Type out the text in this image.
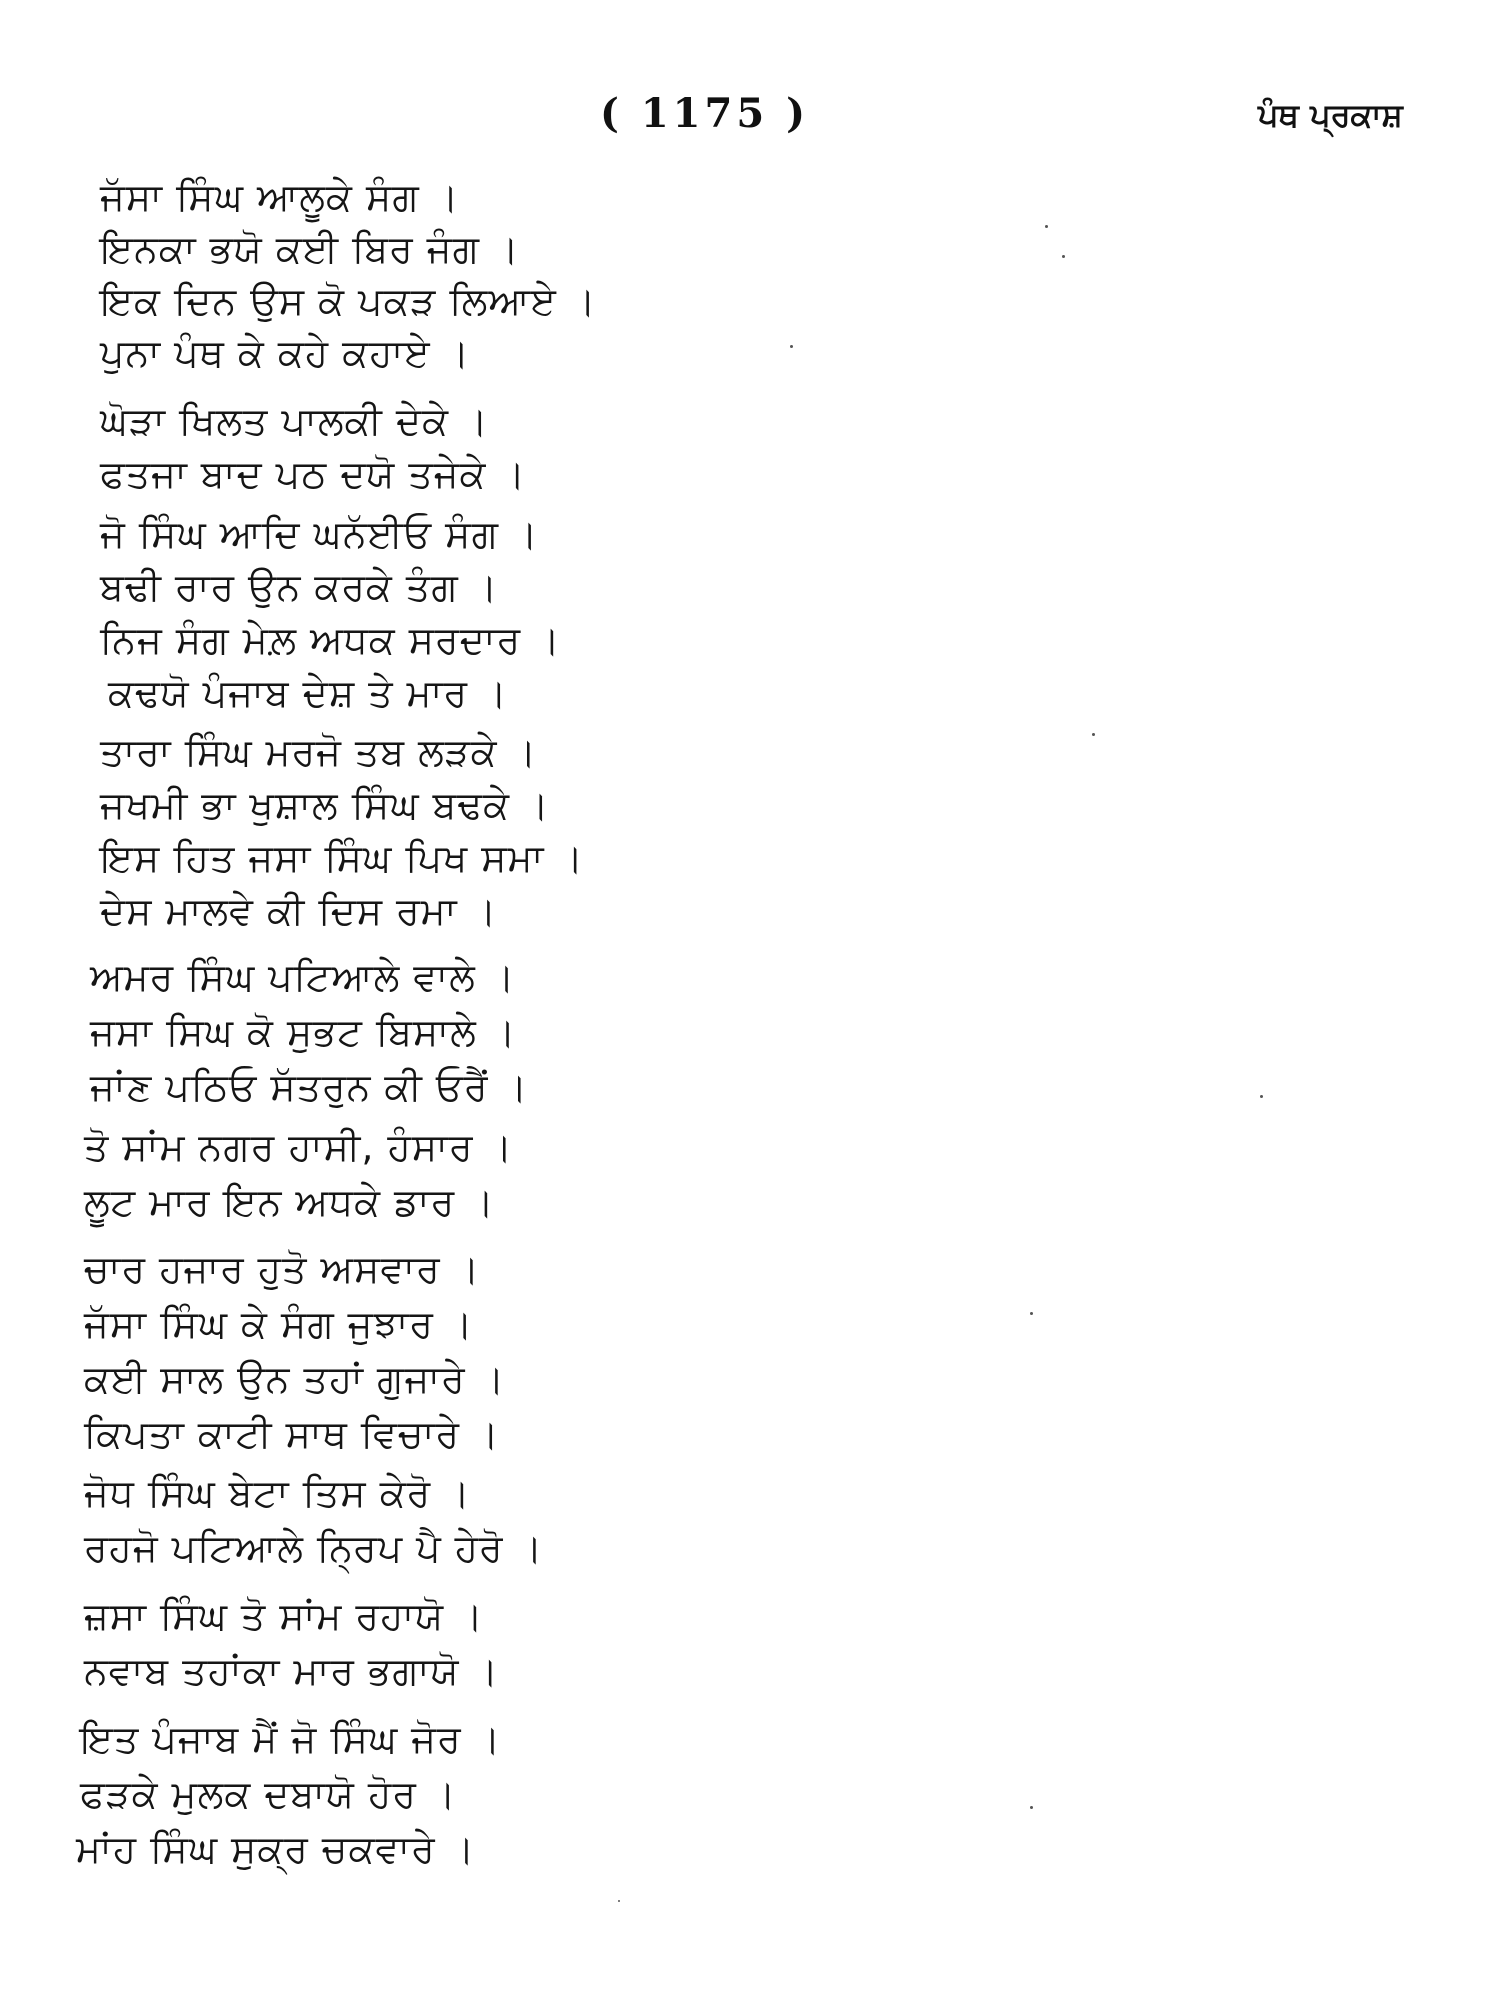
( 1175 )	ਪੰਥ ਪ੍ਰਕਾਸ਼
ਜੱਸਾ ਸਿੰਘ ਆਲੂਕੇ ਸੰਗ ।
ਇਨਕਾ ਭਯੋ ਕਈ ਬਿਰ ਜੰਗ ।
ਇਕ ਦਿਨ ਉਸ ਕੋ ਪਕੜ ਲਿਆਏ ।
ਪੁਨਾ ਪੰਥ ਕੇ ਕਹੇ ਕਹਾਏ ।
ਘੋੜਾ ਖਿਲਤ ਪਾਲਕੀ ਦੇਕੇ ।
ਫਤਜਾ ਬਾਦ ਪਠ ਦਯੋ ਤਜੇਕੇ ।
ਜੋ ਸਿੰਘ ਆਦਿ ਘਨੱਈਓ ਸੰਗ ।
ਬਢੀ ਰਾਰ ਉਨ ਕਰਕੇ ਤੰਗ ।
ਨਿਜ ਸੰਗ ਮੇਲ਼ ਅਧਕ ਸਰਦਾਰ ।
ਕਢਯੋ ਪੰਜਾਬ ਦੇਸ਼ ਤੇ ਮਾਰ ।
ਤਾਰਾ ਸਿੰਘ ਮਰਜੋ ਤਬ ਲੜਕੇ ।
ਜਖਮੀ ਭਾ ਖੁਸ਼ਾਲ ਸਿੰਘ ਬਢਕੇ ।
ਇਸ ਹਿਤ ਜਸਾ ਸਿੰਘ ਪਿਖ ਸਮਾ ।
ਦੇਸ ਮਾਲਵੇ ਕੀ ਦਿਸ ਰਮਾ ।
ਅਮਰ ਸਿੰਘ ਪਟਿਆਲੇ ਵਾਲੇ ।
ਜਸਾ ਸਿਘ ਕੋ ਸੁਭਟ ਬਿਸਾਲੇ ।
ਜਾਂਣ ਪਠਿਓ ਸੱਤਰੁਨ ਕੀ ਓਰੈਂ ।
ਤੋ ਸਾਂਮ ਨਗਰ ਹਾਸੀ, ਹੰਸਾਰ ।
ਲੂਟ ਮਾਰ ਇਨ ਅਧਕੇ ਡਾਰ ।
ਚਾਰ ਹਜਾਰ ਹੁਤੋ ਅਸਵਾਰ ।
ਜੱਸਾ ਸਿੰਘ ਕੇ ਸੰਗ ਜੁਝਾਰ ।
ਕਈ ਸਾਲ ਉਨ ਤਹਾਂ ਗੁਜਾਰੇ ।
ਕਿਪਤਾ ਕਾਟੀ ਸਾਥ ਵਿਚਾਰੇ ।
ਜੋਧ ਸਿੰਘ ਬੇਟਾ ਤਿਸ ਕੇਰੋ ।
ਰਹਜੋ ਪਟਿਆਲੇ ਨ੍ਰਿਪ ਪੈ ਹੇਰੋ ।
ਜ਼ਸਾ ਸਿੰਘ ਤੋ ਸਾਂਮ ਰਹਾਯੋ ।
ਨਵਾਬ ਤਹਾਂਕਾ ਮਾਰ ਭਗਾਯੋ ।
ਇਤ ਪੰਜਾਬ ਮੈਂ ਜੋ ਸਿੰਘ ਜੋਰ ।
ਫੜਕੇ ਮੁਲਕ ਦਬਾਯੋ ਹੋਰ ।
ਮਾਂਹ ਸਿੰਘ ਸੁਕ੍ਰ ਚਕਵਾਰੇ ।
